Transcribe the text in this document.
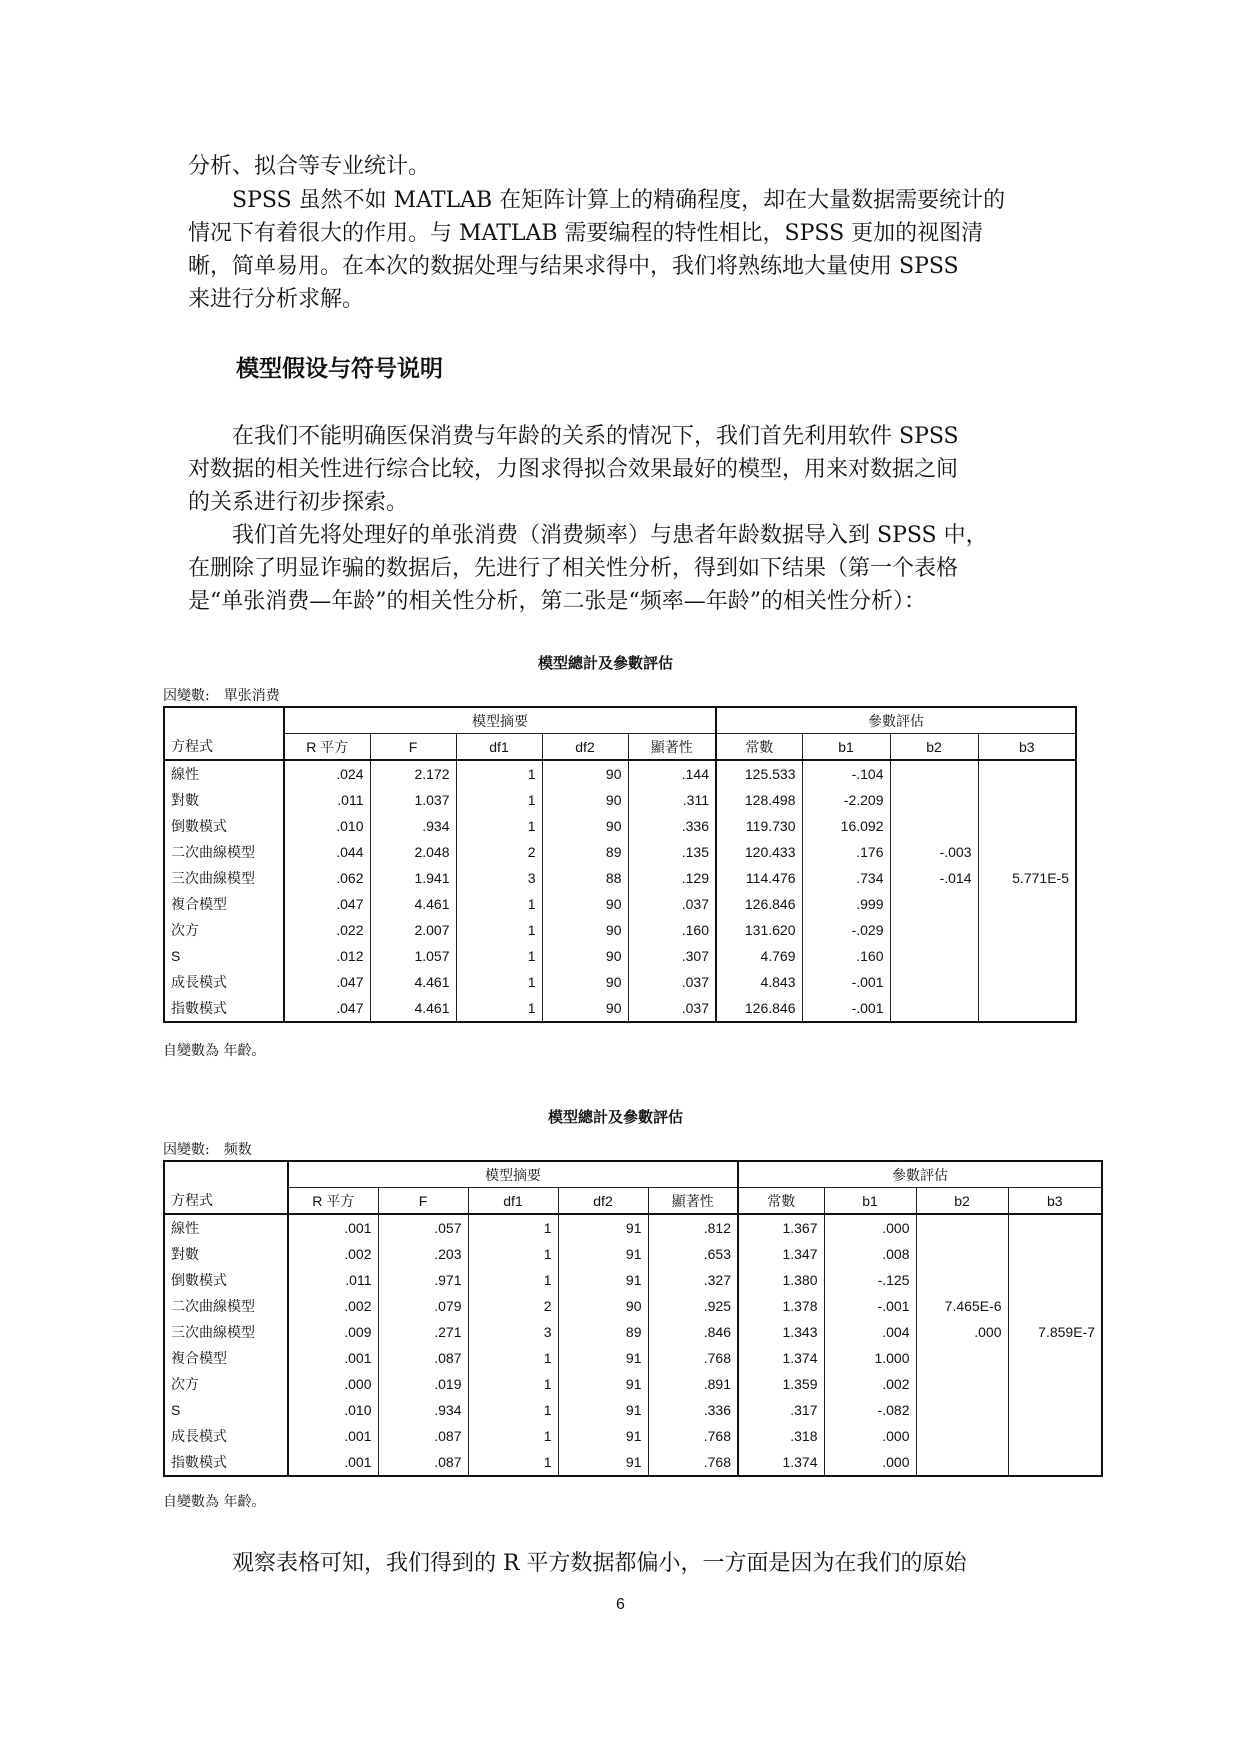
分析、拟合等专业统计。
　　SPSS 虽然不如 MATLAB 在矩阵计算上的精确程度，却在大量数据需要统计的
情况下有着很大的作用。与 MATLAB 需要编程的特性相比，SPSS 更加的视图清
晰，简单易用。在本次的数据处理与结果求得中，我们将熟练地大量使用 SPSS
来进行分析求解。
模型假设与符号说明
　　在我们不能明确医保消费与年龄的关系的情况下，我们首先利用软件 SPSS
对数据的相关性进行综合比较，力图求得拟合效果最好的模型，用来对数据之间
的关系进行初步探索。
　　我们首先将处理好的单张消费（消费频率）与患者年龄数据导入到 SPSS 中，
在删除了明显诈骗的数据后，先进行了相关性分析，得到如下结果（第一个表格
是“单张消费—年龄”的相关性分析，第二张是“频率—年龄”的相关性分析）：
模型總計及參數評估
因變數:　單张消费
	模型摘要					參數評估			
方程式	R 平方	F	df1	df2	顯著性	常數	b1	b2	b3
線性	.024	2.172	1	90	.144	125.533	-.104		
對數	.011	1.037	1	90	.311	128.498	-2.209		
倒數模式	.010	.934	1	90	.336	119.730	16.092		
二次曲線模型	.044	2.048	2	89	.135	120.433	.176	-.003	
三次曲線模型	.062	1.941	3	88	.129	114.476	.734	-.014	5.771E-5
複合模型	.047	4.461	1	90	.037	126.846	.999		
次方	.022	2.007	1	90	.160	131.620	-.029		
S	.012	1.057	1	90	.307	4.769	.160		
成長模式	.047	4.461	1	90	.037	4.843	-.001		
指數模式	.047	4.461	1	90	.037	126.846	-.001		
自變數為 年齡。
模型總計及參數評估
因變數:　频数
	模型摘要					參數評估			
方程式	R 平方	F	df1	df2	顯著性	常數	b1	b2	b3
線性	.001	.057	1	91	.812	1.367	.000		
對數	.002	.203	1	91	.653	1.347	.008		
倒數模式	.011	.971	1	91	.327	1.380	-.125		
二次曲線模型	.002	.079	2	90	.925	1.378	-.001	7.465E-6	
三次曲線模型	.009	.271	3	89	.846	1.343	.004	.000	7.859E-7
複合模型	.001	.087	1	91	.768	1.374	1.000		
次方	.000	.019	1	91	.891	1.359	.002		
S	.010	.934	1	91	.336	.317	-.082		
成長模式	.001	.087	1	91	.768	.318	.000		
指數模式	.001	.087	1	91	.768	1.374	.000		
自變數為 年齡。
　　观察表格可知，我们得到的 R 平方数据都偏小，一方面是因为在我们的原始
6
